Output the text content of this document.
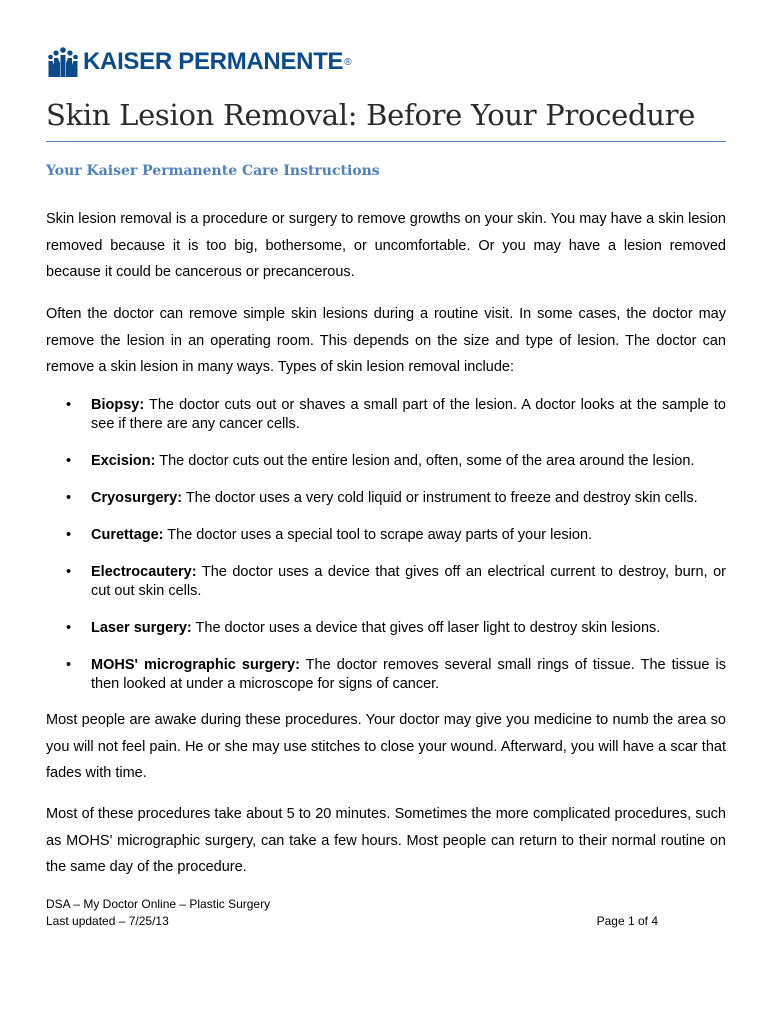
KAISER PERMANENTE ®
Skin Lesion Removal: Before Your Procedure
Your Kaiser Permanente Care Instructions

Skin lesion removal is a procedure or surgery to remove growths on your skin. You may have a skin lesion removed because it is too big, bothersome, or uncomfortable. Or you may have a lesion removed because it could be cancerous or precancerous.

Often the doctor can remove simple skin lesions during a routine visit. In some cases, the doctor may remove the lesion in an operating room. This depends on the size and type of lesion. The doctor can remove a skin lesion in many ways. Types of skin lesion removal include:

• Biopsy: The doctor cuts out or shaves a small part of the lesion. A doctor looks at the sample to see if there are any cancer cells.
• Excision: The doctor cuts out the entire lesion and, often, some of the area around the lesion.
• Cryosurgery: The doctor uses a very cold liquid or instrument to freeze and destroy skin cells.
• Curettage: The doctor uses a special tool to scrape away parts of your lesion.
• Electrocautery: The doctor uses a device that gives off an electrical current to destroy, burn, or cut out skin cells.
• Laser surgery: The doctor uses a device that gives off laser light to destroy skin lesions.
• MOHS' micrographic surgery: The doctor removes several small rings of tissue. The tissue is then looked at under a microscope for signs of cancer.

Most people are awake during these procedures. Your doctor may give you medicine to numb the area so you will not feel pain. He or she may use stitches to close your wound. Afterward, you will have a scar that fades with time.

Most of these procedures take about 5 to 20 minutes. Sometimes the more complicated procedures, such as MOHS' micrographic surgery, can take a few hours. Most people can return to their normal routine on the same day of the procedure.

DSA – My Doctor Online – Plastic Surgery
Last updated – 7/25/13	Page 1 of 4
